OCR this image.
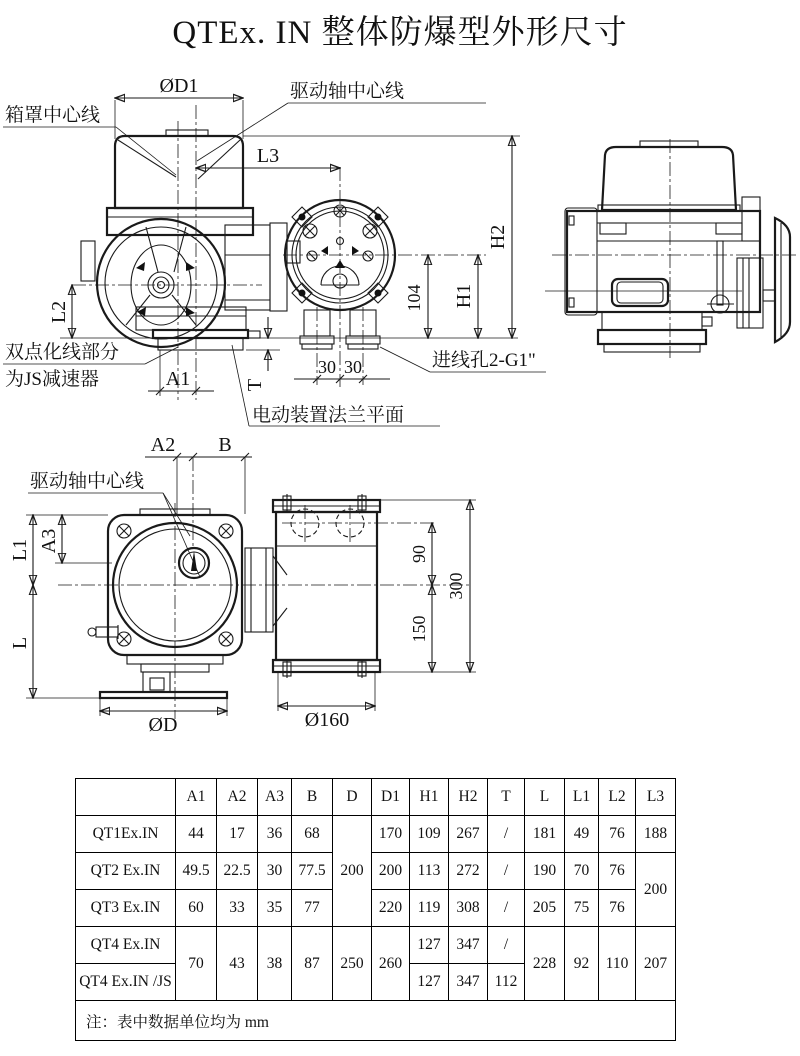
QTEx. IN 整体防爆型外形尺寸
ØD1
L3
H2
H1
104
L2
A1	T
30 30
箱罩中心线
驱动轴中心线
双点化线部分
为JS减速器
进线孔2-G1"
电动装置法兰平面
A2 B
L1 A3
L
ØD	Ø160
90
150
300
驱动轴中心线
	A1	A2	A3	B	D	D1	H1	H2	T	L	L1	L2	L3
QT1Ex.IN	44	17	36	68	200	170	109	267	/	181	49	76	188
QT2 Ex.IN	49.5	22.5	30	77.5		200	113	272	/	190	70	76	200
QT3 Ex.IN	60	33	35	77		220	119	308	/	205	75	76	
QT4 Ex.IN	70	43	38	87	250	260	127	347	/	228	92	110	207
QT4 Ex.IN /JS							127	347	112				
注：表中数据单位均为 mm													
